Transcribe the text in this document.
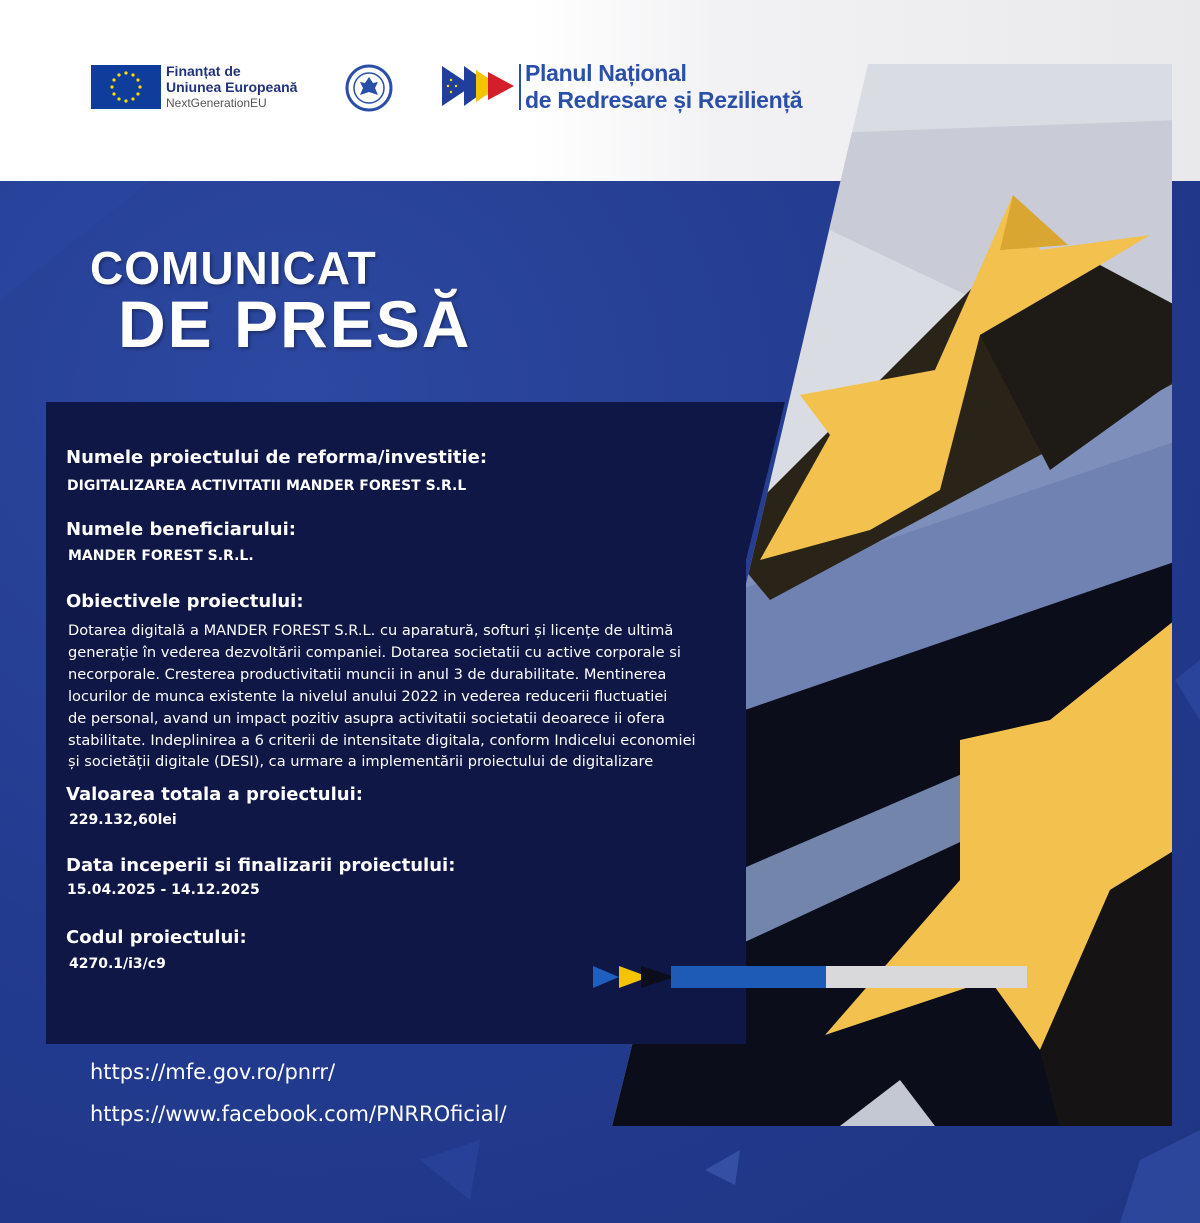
Finanțat de
Uniunea Europeană
NextGenerationEU
Planul Național
de Redresare și Reziliență
COMUNICAT
DE PRESĂ
Numele proiectului de reforma/investitie:
DIGITALIZAREA ACTIVITATII MANDER FOREST S.R.L
Numele beneficiarului:
MANDER FOREST S.R.L.
Obiectivele proiectului:
Dotarea digitală a MANDER FOREST S.R.L. cu aparatură, softuri și licențe de ultimă
generație în vederea dezvoltării companiei. Dotarea societatii cu active corporale si
necorporale. Cresterea productivitatii muncii in anul 3 de durabilitate. Mentinerea
locurilor de munca existente la nivelul anului 2022 in vederea reducerii fluctuatiei
de personal, avand un impact pozitiv asupra activitatii societatii deoarece ii ofera
stabilitate. Indeplinirea a 6 criterii de intensitate digitala, conform Indicelui economiei
și societății digitale (DESI), ca urmare a implementării proiectului de digitalizare
Valoarea totala a proiectului:
229.132,60lei
Data inceperii si finalizarii proiectului:
15.04.2025 - 14.12.2025
Codul proiectului:
4270.1/i3/c9
https://mfe.gov.ro/pnrr/
https://www.facebook.com/PNRROficial/
